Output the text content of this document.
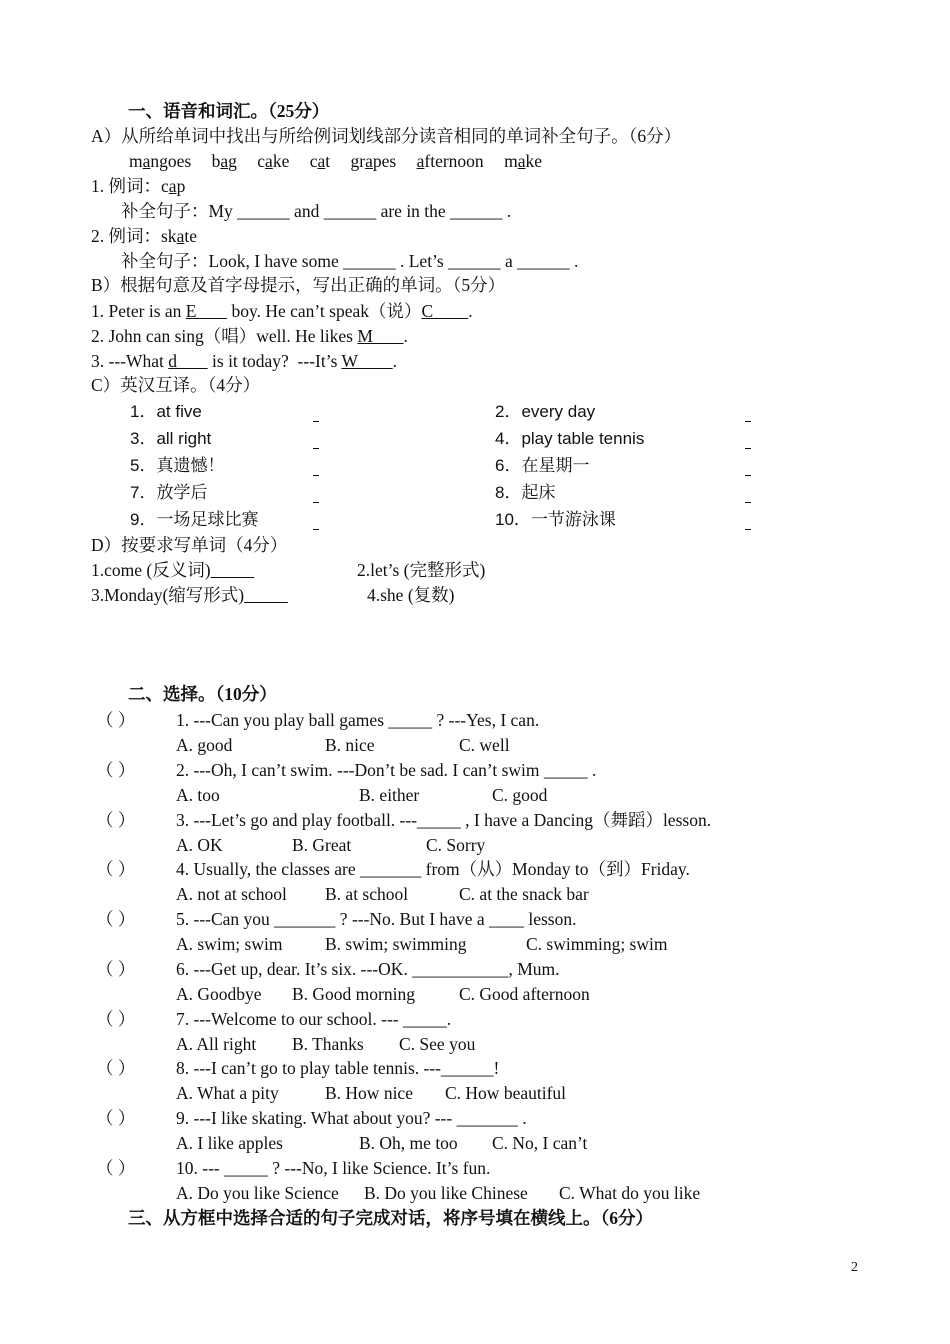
一、语音和词汇。（25分）
A）从所给单词中找出与所给例词划线部分读音相同的单词补全句子。（6分）
mangoes bag cake cat grapes afternoon make
1. 例词：cap
补全句子：My ______ and ______ are in the ______ .
2. 例词：skate
补全句子：Look, I have some ______ . Let’s ______ a ______ .
B）根据句意及首字母提示，写出正确的单词。（5分）
1. Peter is an E        boy. He can’t speak（说）C        .
2. John can sing（唱）well. He likes M       .
3. ---What d        is it today?  ---It’s W        .
C）英汉互译。（4分）
1．at five	2．every day
3．all right	4．play table tennis
5．真遗憾！	6．在星期一
7．放学后	8．起床
9．一场足球比赛	10．一节游泳课
D）按要求写单词（4分）
1.come (反义词)	2.let’s (完整形式)
3.Monday(缩写形式)	4.she (复数)
二、选择。（10分）
（ ） 1. ---Can you play ball games _____ ? ---Yes, I can.
A. good	B. nice	C. well
（ ） 2. ---Oh, I can’t swim. ---Don’t be sad. I can’t swim _____ .
A. too	B. either	C. good
（ ） 3. ---Let’s go and play football. ---_____ , I have a Dancing（舞蹈）lesson.
A. OK	B. Great	C. Sorry
（ ） 4. Usually, the classes are _______ from（从）Monday to（到）Friday.
A. not at school B. at school	C. at the snack bar
（ ） 5. ---Can you _______ ? ---No. But I have a ____ lesson.
A. swim; swim B. swim; swimming	C. swimming; swim
（ ） 6. ---Get up, dear. It’s six. ---OK. ___________, Mum.
A. Goodbye B. Good morning	C. Good afternoon
（ ） 7. ---Welcome to our school. --- _____.
A. All right B. Thanks C. See you
（ ） 8. ---I can’t go to play table tennis. ---______!
A. What a pity	B. How nice C. How beautiful
（ ） 9. ---I like skating. What about you? --- _______ .
A. I like apples	B. Oh, me too C. No, I can’t
（ ） 10. --- _____ ? ---No, I like Science. It’s fun.
A. Do you like Science B. Do you like Chinese C. What do you like
三、从方框中选择合适的句子完成对话，将序号填在横线上。（6分）
2
